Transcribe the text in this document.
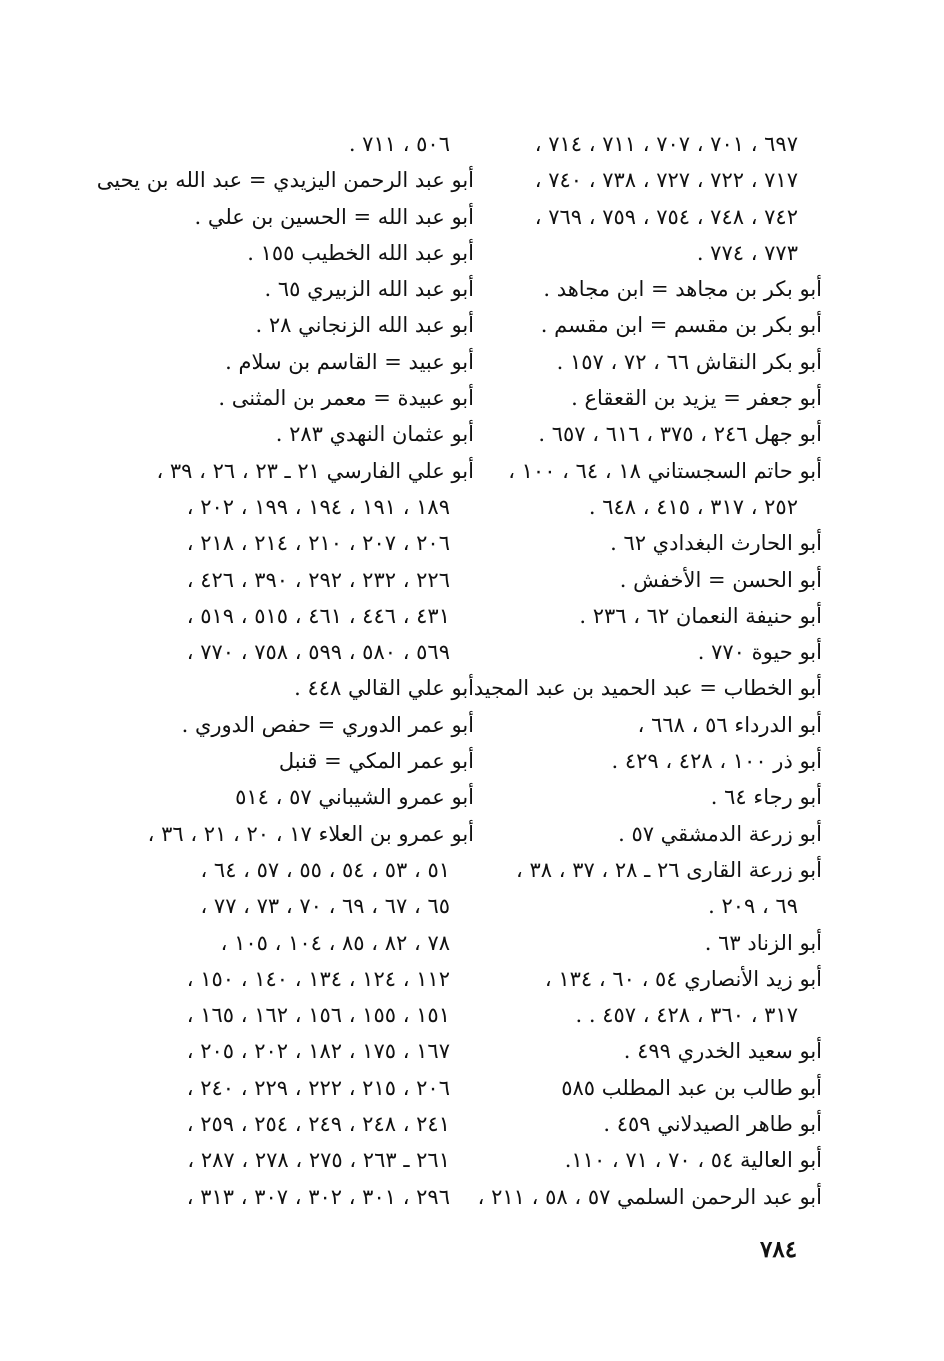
٦٩٧ ، ٧٠١ ، ٧٠٧ ، ٧١١ ، ٧١٤ ،
٧١٧ ، ٧٢٢ ، ٧٢٧ ، ٧٣٨ ، ٧٤٠ ،
٧٤٢ ، ٧٤٨ ، ٧٥٤ ، ٧٥٩ ، ٧٦٩ ،
٧٧٣ ، ٧٧٤ .
أبو بكر بن مجاهد = ابن مجاهد .
أبو بكر بن مقسم = ابن مقسم .
أبو بكر النقاش ٦٦ ، ٧٢ ، ١٥٧ .
أبو جعفر = يزيد بن القعقاع .
أبو جهل ٢٤٦ ، ٣٧٥ ، ٦١٦ ، ٦٥٧ .
أبو حاتم السجستاني ١٨ ، ٦٤ ، ١٠٠ ،
٢٥٢ ، ٣١٧ ، ٤١٥ ، ٦٤٨ .
أبو الحارث البغدادي ٦٢ .
أبو الحسن = الأخفش .
أبو حنيفة النعمان ٦٢ ، ٢٣٦ .
أبو حيوة ٧٧٠ .
أبو الخطاب = عبد الحميد بن عبد المجيد .
أبو الدرداء ٥٦ ، ٦٦٨ ،
أبو ذر ١٠٠ ، ٤٢٨ ، ٤٢٩ .
أبو رجاء ٦٤ .
أبو زرعة الدمشقي ٥٧ .
أبو زرعة القارى ٢٦ ـ ٢٨ ، ٣٧ ، ٣٨ ،
٦٩ ، ٢٠٩ .
أبو الزناد ٦٣ .
أبو زيد الأنصاري ٥٤ ، ٦٠ ، ١٣٤ ،
٣١٧ ، ٣٦٠ ، ٤٢٨ ، ٤٥٧ . .
أبو سعيد الخدري ٤٩٩ .
أبو طالب بن عبد المطلب ٥٨٥
أبو طاهر الصيدلاني ٤٥٩ .
أبو العالية ٥٤ ، ٧٠ ، ٧١ ، ١١٠.
أبو عبد الرحمن السلمي ٥٧ ، ٥٨ ، ٢١١ ،
٥٠٦ ، ٧١١ .
أبو عبد الرحمن اليزيدي = عبد الله بن يحيى
أبو عبد الله = الحسين بن علي .
أبو عبد الله الخطيب ١٥٥ .
أبو عبد الله الزبيري ٦٥ .
أبو عبد الله الزنجاني ٢٨ .
أبو عبيد = القاسم بن سلام .
أبو عبيدة = معمر بن المثنى .
أبو عثمان النهدي ٢٨٣ .
أبو علي الفارسي ٢١ ـ ٢٣ ، ٢٦ ، ٣٩ ،
١٨٩ ، ١٩١ ، ١٩٤ ، ١٩٩ ، ٢٠٢ ،
٢٠٦ ، ٢٠٧ ، ٢١٠ ، ٢١٤ ، ٢١٨ ،
٢٢٦ ، ٢٣٢ ، ٢٩٢ ، ٣٩٠ ، ٤٢٦ ،
٤٣١ ، ٤٤٦ ، ٤٦١ ، ٥١٥ ، ٥١٩ ،
٥٦٩ ، ٥٨٠ ، ٥٩٩ ، ٧٥٨ ، ٧٧٠ ،
أبو علي القالي ٤٤٨ .
أبو عمر الدوري = حفص الدوري .
أبو عمر المكي = قنبل
أبو عمرو الشيباني ٥٧ ، ٥١٤
أبو عمرو بن العلاء ١٧ ، ٢٠ ، ٢١ ، ٣٦ ،
٥١ ، ٥٣ ، ٥٤ ، ٥٥ ، ٥٧ ، ٦٤ ،
٦٥ ، ٦٧ ، ٦٩ ، ٧٠ ، ٧٣ ، ٧٧ ،
٧٨ ، ٨٢ ، ٨٥ ، ١٠٤ ، ١٠٥ ،
١١٢ ، ١٢٤ ، ١٣٤ ، ١٤٠ ، ١٥٠ ،
١٥١ ، ١٥٥ ، ١٥٦ ، ١٦٢ ، ١٦٥ ،
١٦٧ ، ١٧٥ ، ١٨٢ ، ٢٠٢ ، ٢٠٥ ،
٢٠٦ ، ٢١٥ ، ٢٢٢ ، ٢٢٩ ، ٢٤٠ ،
٢٤١ ، ٢٤٨ ، ٢٤٩ ، ٢٥٤ ، ٢٥٩ ،
٢٦١ ـ ٢٦٣ ، ٢٧٥ ، ٢٧٨ ، ٢٨٧ ،
٢٩٦ ، ٣٠١ ، ٣٠٢ ، ٣٠٧ ، ٣١٣ ،
٧٨٤
